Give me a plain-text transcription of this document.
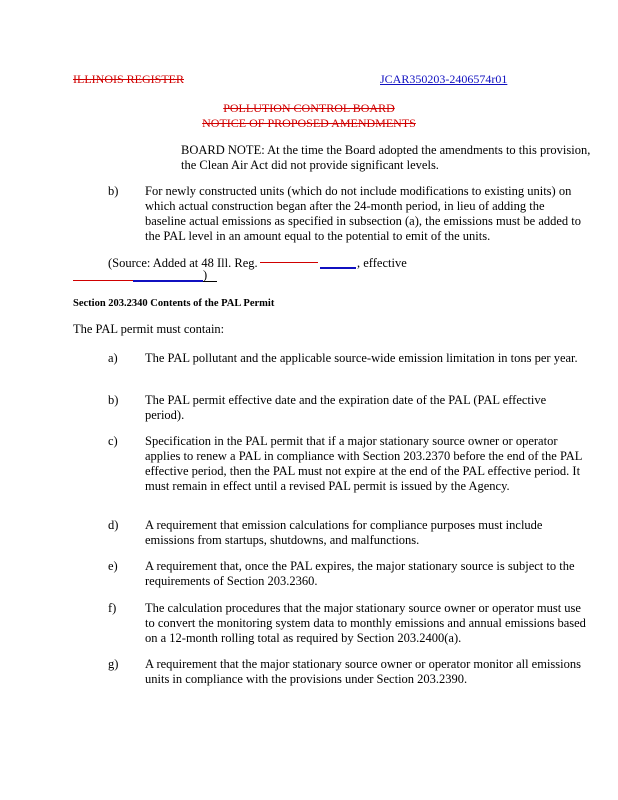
ILLINOIS REGISTER	JCAR350203-2406574r01
POLLUTION CONTROL BOARD
NOTICE OF PROPOSED AMENDMENTS
BOARD NOTE: At the time the Board adopted the amendments to this provision, the Clean Air Act did not provide significant levels.
b) For newly constructed units (which do not include modifications to existing units) on which actual construction began after the 24-month period, in lieu of adding the baseline actual emissions as specified in subsection (a), the emissions must be added to the PAL level in an amount equal to the potential to emit of the units.
(Source: Added at 48 Ill. Reg.	, effective
)
Section 203.2340 Contents of the PAL Permit
The PAL permit must contain:
a) The PAL pollutant and the applicable source-wide emission limitation in tons per year.
b) The PAL permit effective date and the expiration date of the PAL (PAL effective period).
c) Specification in the PAL permit that if a major stationary source owner or operator applies to renew a PAL in compliance with Section 203.2370 before the end of the PAL effective period, then the PAL must not expire at the end of the PAL effective period. It must remain in effect until a revised PAL permit is issued by the Agency.
d) A requirement that emission calculations for compliance purposes must include emissions from startups, shutdowns, and malfunctions.
e) A requirement that, once the PAL expires, the major stationary source is subject to the requirements of Section 203.2360.
f) The calculation procedures that the major stationary source owner or operator must use to convert the monitoring system data to monthly emissions and annual emissions based on a 12-month rolling total as required by Section 203.2400(a).
g) A requirement that the major stationary source owner or operator monitor all emissions units in compliance with the provisions under Section 203.2390.
